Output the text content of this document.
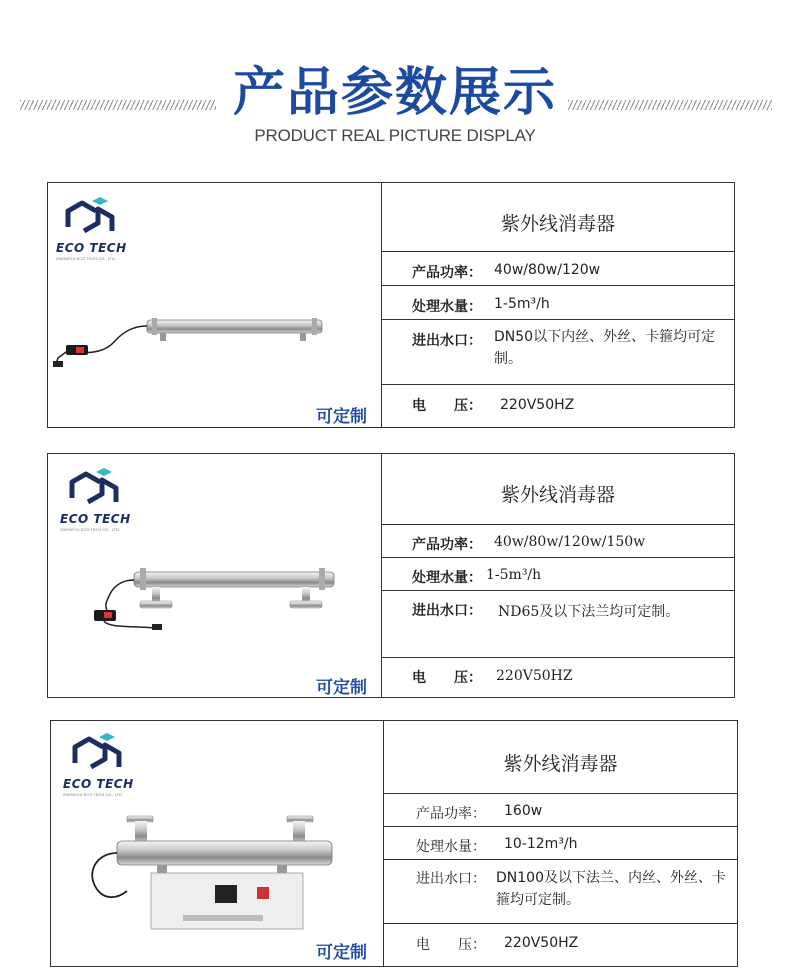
产品参数展示
PRODUCT REAL PICTURE DISPLAY
ECO TECH
ZHENGYU ECO TECH CO., LTD.
可定制
紫外线消毒器
产品功率： 40w/80w/120w
处理水量： 1-5m³/h
进出水口： DN50以下内丝、外丝、卡箍均可定制。
电　　压： 220V50HZ
ECO TECH
ZHENGYU ECO TECH CO., LTD.
可定制
紫外线消毒器
产品功率： 40w/80w/120w/150w
处理水量： 1-5m³/h
进出水口： ND65及以下法兰均可定制。
电　　压： 220V50HZ
ECO TECH
ZHENGYU ECO TECH CO., LTD.
可定制
紫外线消毒器
产品功率： 160w
处理水量： 10-12m³/h
进出水口： DN100及以下法兰、内丝、外丝、卡箍均可定制。
电　　压： 220V50HZ
